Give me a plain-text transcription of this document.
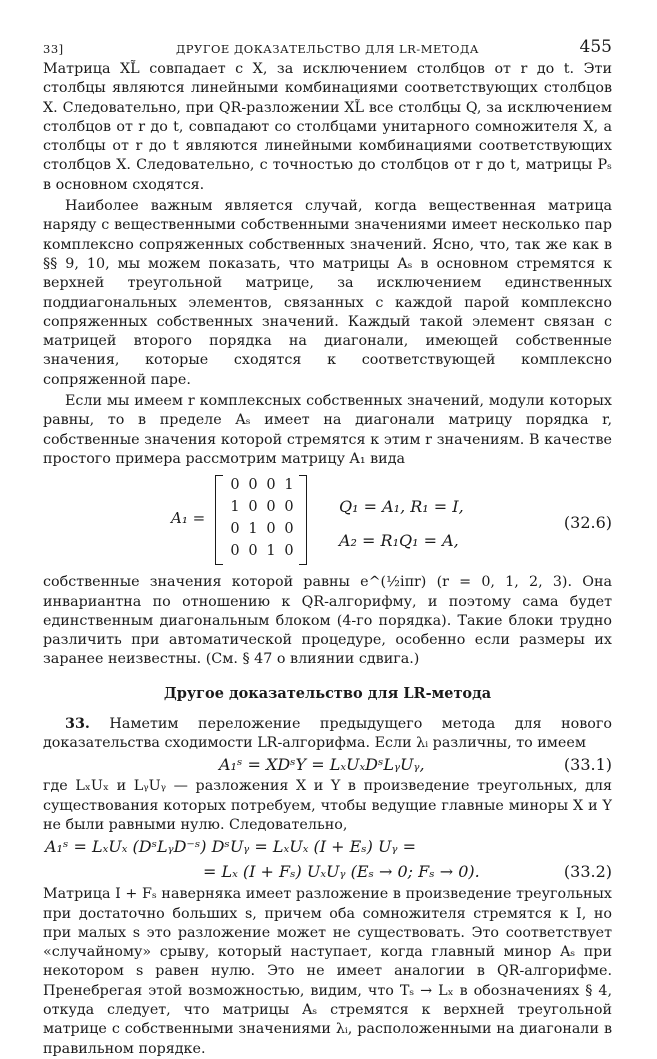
33]	ДРУГОЕ ДОКАЗАТЕЛЬСТВО ДЛЯ LR-МЕТОДА	455

Матрица XL̃ совпадает с X, за исключением столбцов от r до t. Эти столбцы являются линейными комбинациями соответствующих столбцов X. Следовательно, при QR-разложении XL̃ все столбцы Q, за исключением столбцов от r до t, совпадают со столбцами унитарного сомножителя X, а столбцы от r до t являются линейными комбинациями соответствующих столбцов X. Следовательно, с точностью до столбцов от r до t, матрицы Pₛ в основном сходятся.

Наиболее важным является случай, когда вещественная матрица наряду с вещественными собственными значениями имеет несколько пар комплексно сопряженных собственных значений. Ясно, что, так же как в §§ 9, 10, мы можем показать, что матрицы Aₛ в основном стремятся к верхней треугольной матрице, за исключением единственных поддиагональных элементов, связанных с каждой парой комплексно сопряженных собственных значений. Каждый такой элемент связан с матрицей второго порядка на диагонали, имеющей собственные значения, которые сходятся к соответствующей комплексно сопряженной паре.

Если мы имеем r комплексных собственных значений, модули которых равны, то в пределе Aₛ имеет на диагонали матрицу порядка r, собственные значения которой стремятся к этим r значениям. В качестве простого примера рассмотрим матрицу A₁ вида

A₁ =
0 0 0 1
1 0 0 0
0 1 0 0
0 0 1 0
Q₁ = A₁, R₁ = I,
A₂ = R₁Q₁ = A,
(32.6)

собственные значения которой равны e^(½iπr) (r = 0, 1, 2, 3). Она инвариантна по отношению к QR-алгорифму, и поэтому сама будет единственным диагональным блоком (4-го порядка). Такие блоки трудно различить при автоматической процедуре, особенно если размеры их заранее неизвестны. (См. § 47 о влиянии сдвига.)

Другое доказательство для LR-метода

33. Наметим переложение предыдущего метода для нового доказательства сходимости LR-алгорифма. Если λᵢ различны, то имеем

A₁ˢ = XDˢY = LₓUₓDˢLᵧUᵧ,	(33.1)

где LₓUₓ и LᵧUᵧ — разложения X и Y в произведение треугольных, для существования которых потребуем, чтобы ведущие главные миноры X и Y не были равными нулю. Следовательно,

A₁ˢ = LₓUₓ (DˢLᵧD⁻ˢ) DˢUᵧ = LₓUₓ (I + Eₛ) Uᵧ =
= Lₓ (I + Fₛ) UₓUᵧ (Eₛ → 0; Fₛ → 0).	(33.2)

Матрица I + Fₛ наверняка имеет разложение в произведение треугольных при достаточно больших s, причем оба сомножителя стремятся к I, но при малых s это разложение может не существовать. Это соответствует «случайному» срыву, который наступает, когда главный минор Aₛ при некотором s равен нулю. Это не имеет аналогии в QR-алгорифме. Пренебрегая этой возможностью, видим, что Tₛ → Lₓ в обозначениях § 4, откуда следует, что матрицы Aₛ стремятся к верхней треугольной матрице с собственными значениями λᵢ, расположенными на диагонали в правильном порядке.
